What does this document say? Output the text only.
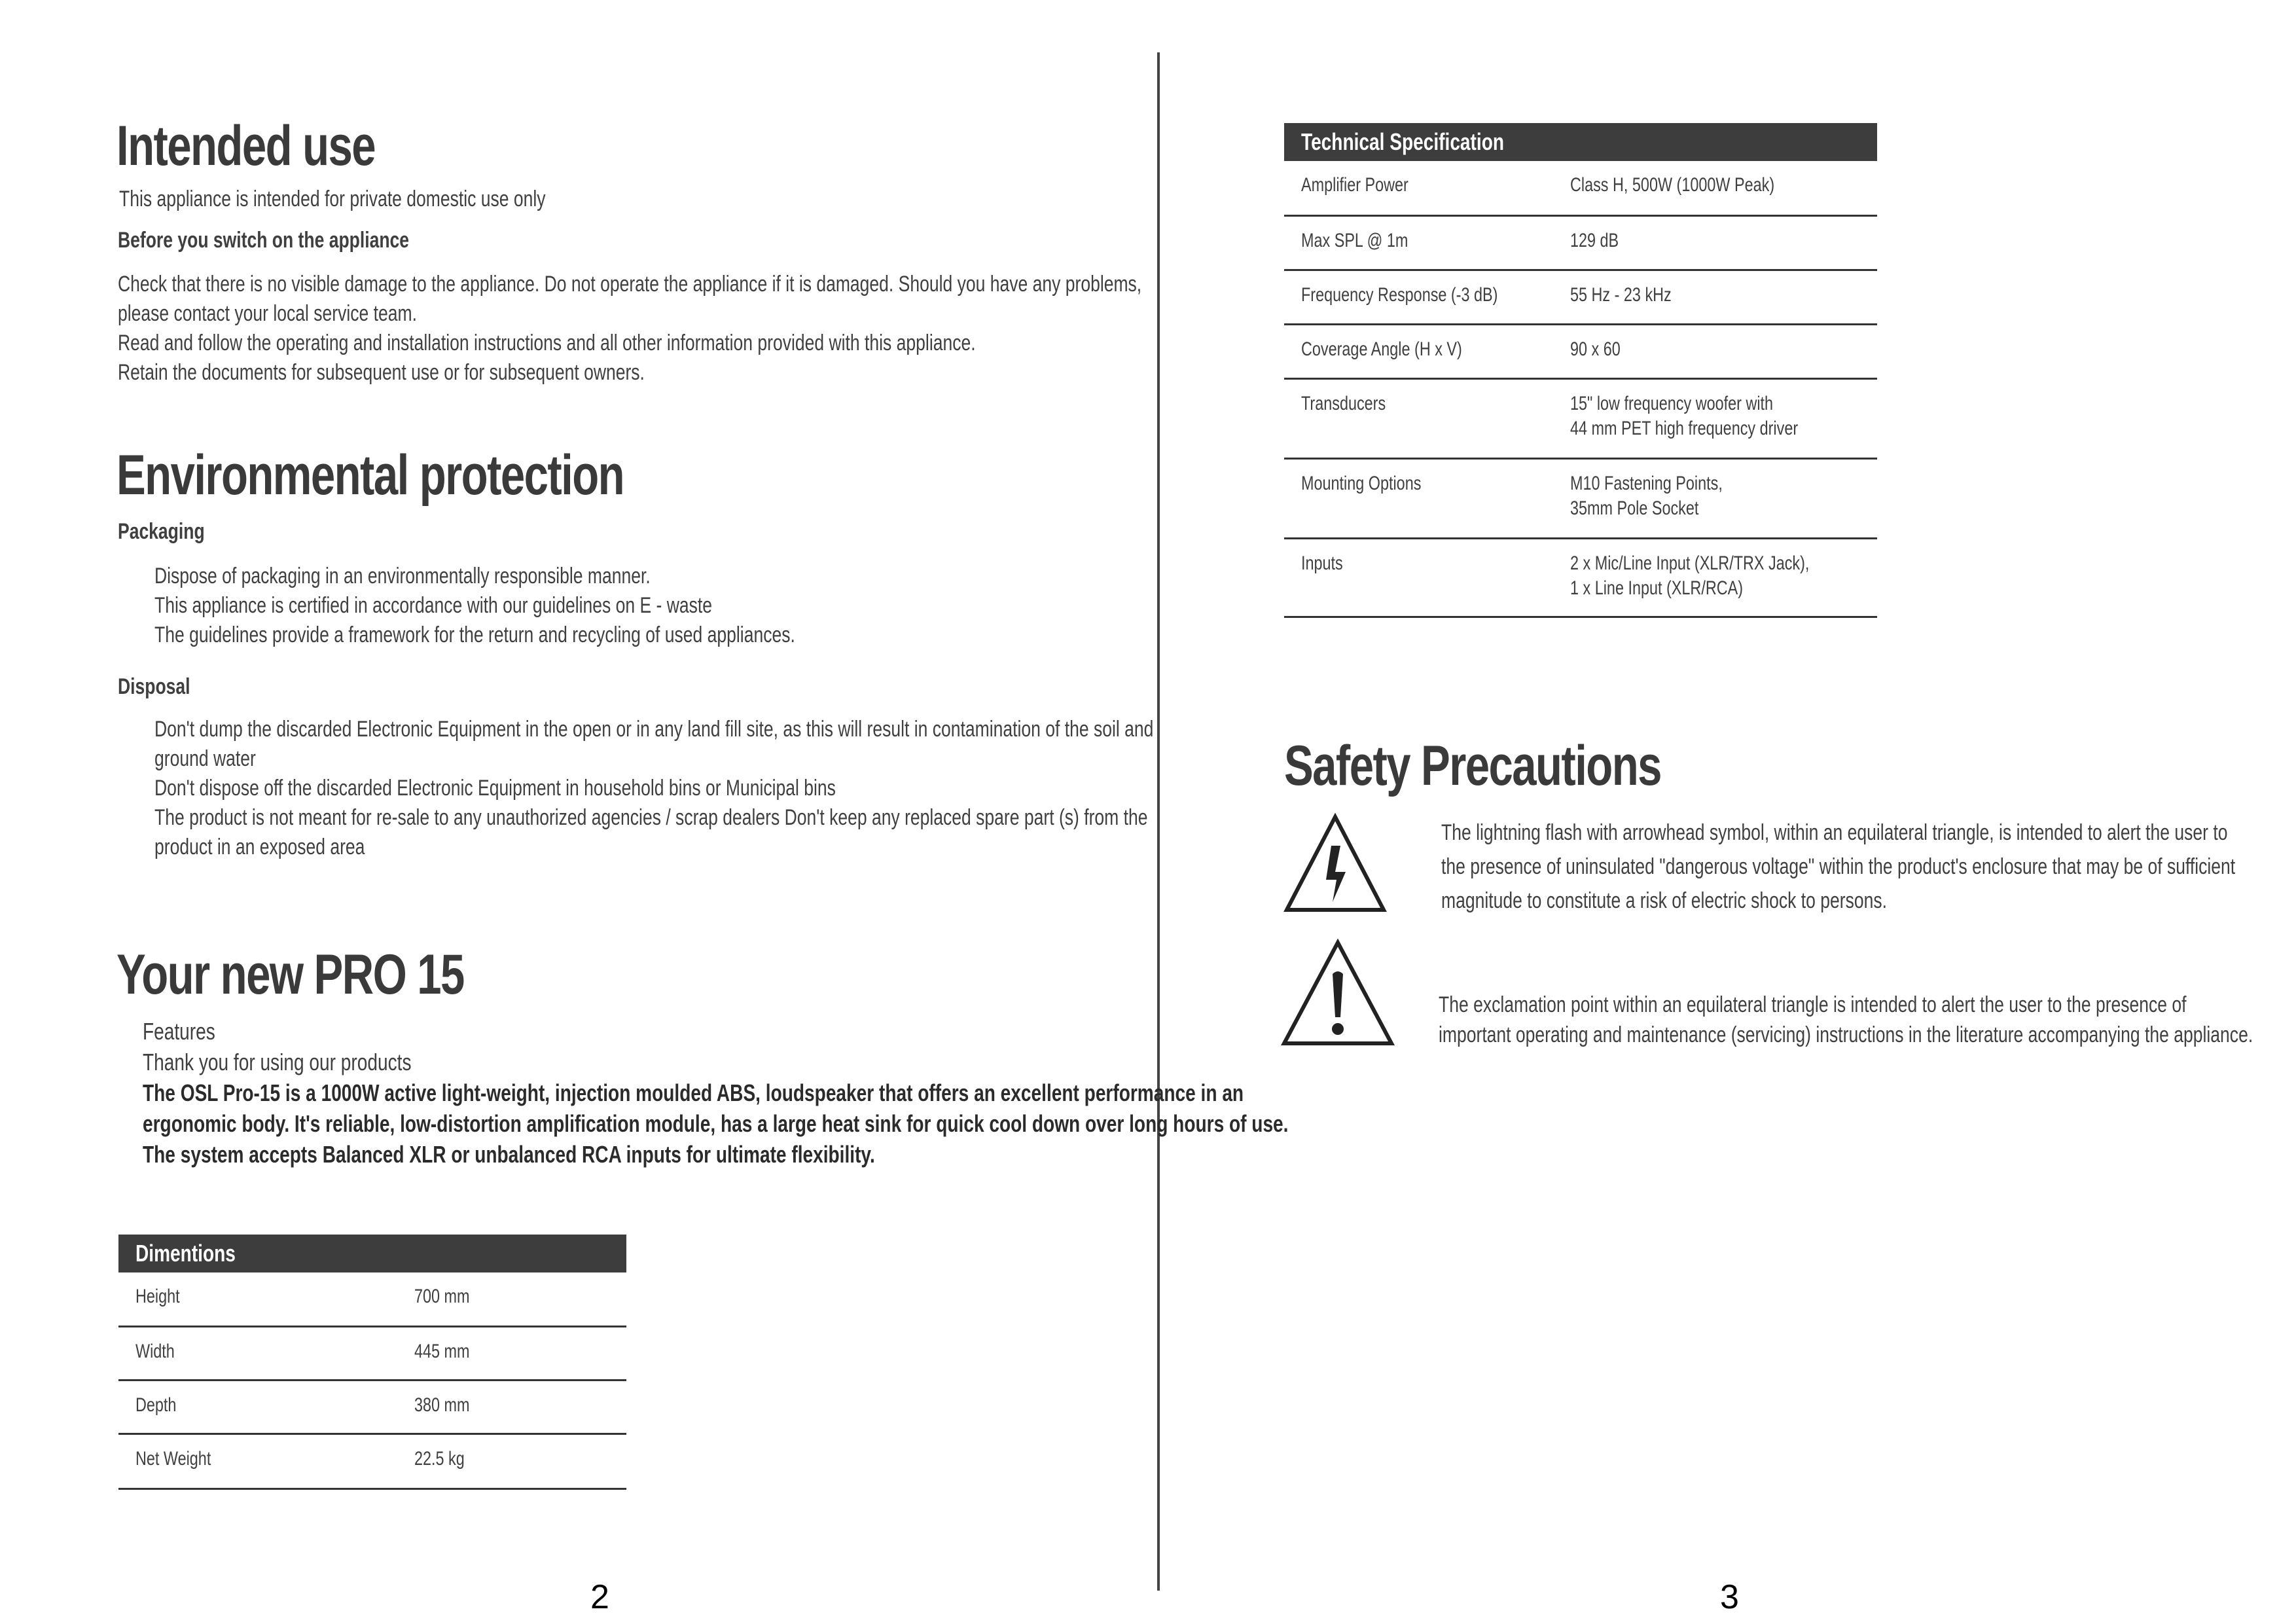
Intended use
This appliance is intended for private domestic use only
Before you switch on the appliance
Check that there is no visible damage to the appliance. Do not operate the appliance if it is damaged. Should you have any problems,
please contact your local service team.
Read and follow the operating and installation instructions and all other information provided with this appliance.
Retain the documents for subsequent use or for subsequent owners.
Environmental protection
Packaging
Dispose of packaging in an environmentally responsible manner.
This appliance is certified in accordance with our guidelines on E - waste
The guidelines provide a framework for the return and recycling of used appliances.
Disposal
Don't dump the discarded Electronic Equipment in the open or in any land fill site, as this will result in contamination of the soil and
ground water
Don't dispose off the discarded Electronic Equipment in household bins or Municipal bins
The product is not meant for re-sale to any unauthorized agencies / scrap dealers Don't keep any replaced spare part (s) from the
product in an exposed area
Your new PRO 15
Features
Thank you for using our products
The OSL Pro-15 is a 1000W active light-weight, injection moulded ABS, loudspeaker that offers an excellent performance in an
ergonomic body. It's reliable, low-distortion amplification module, has a large heat sink for quick cool down over long hours of use.
The system accepts Balanced XLR or unbalanced RCA inputs for ultimate flexibility.
Dimentions	

Height	700 mm

Width	445 mm

Depth	380 mm

Net Weight	22.5 kg
2
Technical Specification	

Amplifier Power	Class H, 500W (1000W Peak)

Max SPL @ 1m	129 dB

Frequency Response (-3 dB)	55 Hz - 23 kHz

Coverage Angle (H x V)	90 x 60

Transducers	15" low frequency woofer with
44 mm PET high frequency driver

Mounting Options	M10 Fastening Points,
35mm Pole Socket

Inputs	2 x Mic/Line Input (XLR/TRX Jack),
1 x Line Input (XLR/RCA)
Safety Precautions
The lightning flash with arrowhead symbol, within an equilateral triangle, is intended to alert the user to
the presence of uninsulated "dangerous voltage" within the product's enclosure that may be of sufficient
magnitude to constitute a risk of electric shock to persons.
The exclamation point within an equilateral triangle is intended to alert the user to the presence of
important operating and maintenance (servicing) instructions in the literature accompanying the appliance.
3
